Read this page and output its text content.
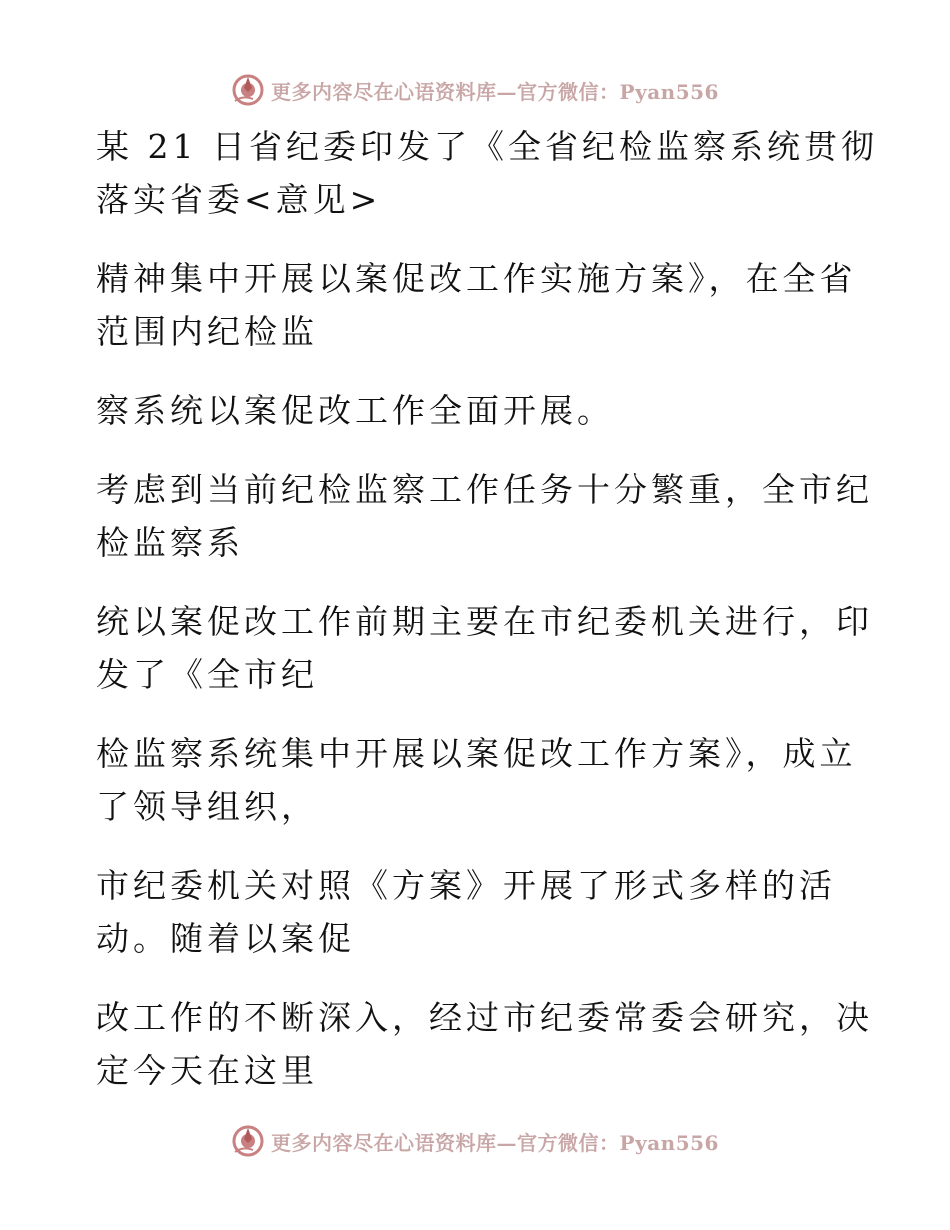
更多内容尽在心语资料库—官方微信：Pyan556

某 21 日省纪委印发了《全省纪检监察系统贯彻
落实省委<意见>

精神集中开展以案促改工作实施方案》，在全省
范围内纪检监

察系统以案促改工作全面开展。

考虑到当前纪检监察工作任务十分繁重，全市纪
检监察系

统以案促改工作前期主要在市纪委机关进行，印
发了《全市纪

检监察系统集中开展以案促改工作方案》，成立
了领导组织，

市纪委机关对照《方案》开展了形式多样的活
动。随着以案促

改工作的不断深入，经过市纪委常委会研究，决
定今天在这里

更多内容尽在心语资料库—官方微信：Pyan556
